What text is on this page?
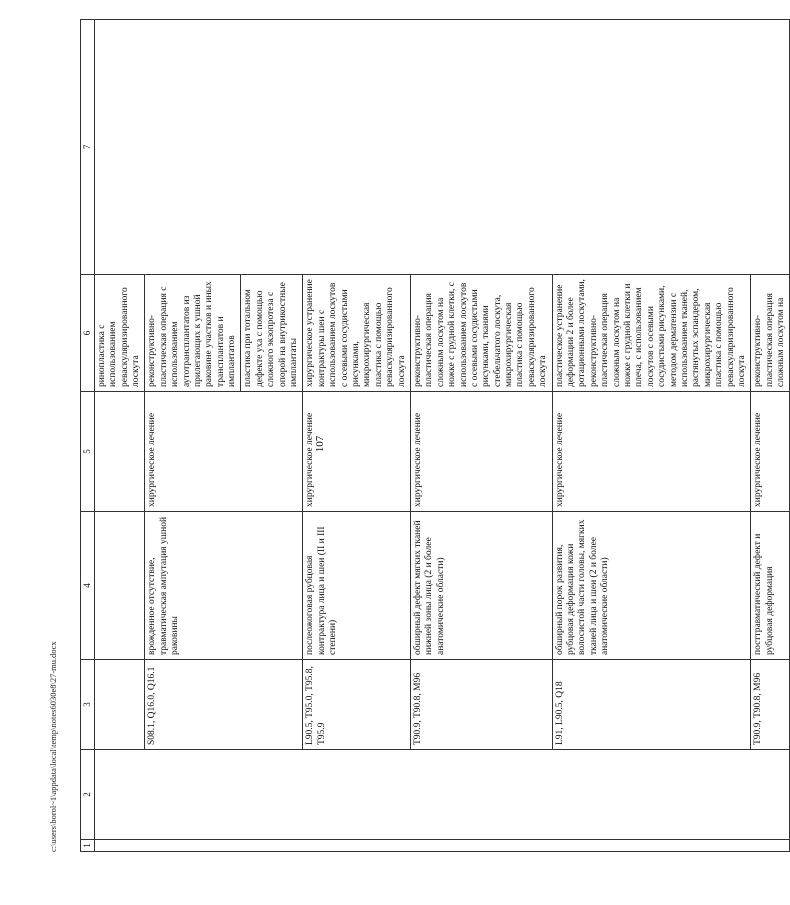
107
1	2	3	4	5	6	7
					ринопластика с использованием реваскуляризированного лоскута	
		S08.1, Q16.0, Q16.1	врожденное отсутствие, травматическая ампутация ушной раковины	хирургическое лечение	реконструктивно-пластическая операция с использованием аутотрансплантатов из прилегающих к ушной раковине участков и иных трансплантатов и имплантатов	
					пластика при тотальном дефекте уха с помощью сложного экзопротеза с опорой на внутрикостные имплантаты	
		L90.5, T95.0, T95.8, T95.9	послеожоговая рубцовая контрактура лица и шеи (II и III степени)	хирургическое лечение	хирургическое устранение контрактуры шеи с использованием лоскутов с осевыми сосудистыми рисунками, микрохирургическая пластика с помощью реваскуляризированного лоскута	
		T90.9, T90.8, M96	обширный дефект мягких тканей нижней зоны лица (2 и более анатомические области)	хирургическое лечение	реконструктивно-пластическая операция сложным лоскутом на ножке с грудной клетки, с использованием лоскутов с осевыми сосудистыми рисунками, тканями стебельчатого лоскута, микрохирургическая пластика с помощью реваскуляризированного лоскута	
		L91, L90.5, Q18	обширный порок развития, рубцовая деформация кожи волосистой части головы, мягких тканей лица и шеи (2 и более анатомические области)	хирургическое лечение	пластическое устранение деформации 2 и более ротационными лоскутами, реконструктивно-пластическая операция сложным лоскутом на ножке с грудной клетки и плеча, с использованием лоскутов с осевыми сосудистыми рисунками, методом дерматензии с использованием тканей, растянутых эспандером, микрохирургическая пластика с помощью реваскуляризированного лоскута	
		T90.9, T90.8, M96	посттравматический дефект и рубцовая деформация	хирургическое лечение	реконструктивно-пластическая операция сложным лоскутом на	
c:\users\borol~1\appdata\local\temp\notes6030e8\27-mu.docx
